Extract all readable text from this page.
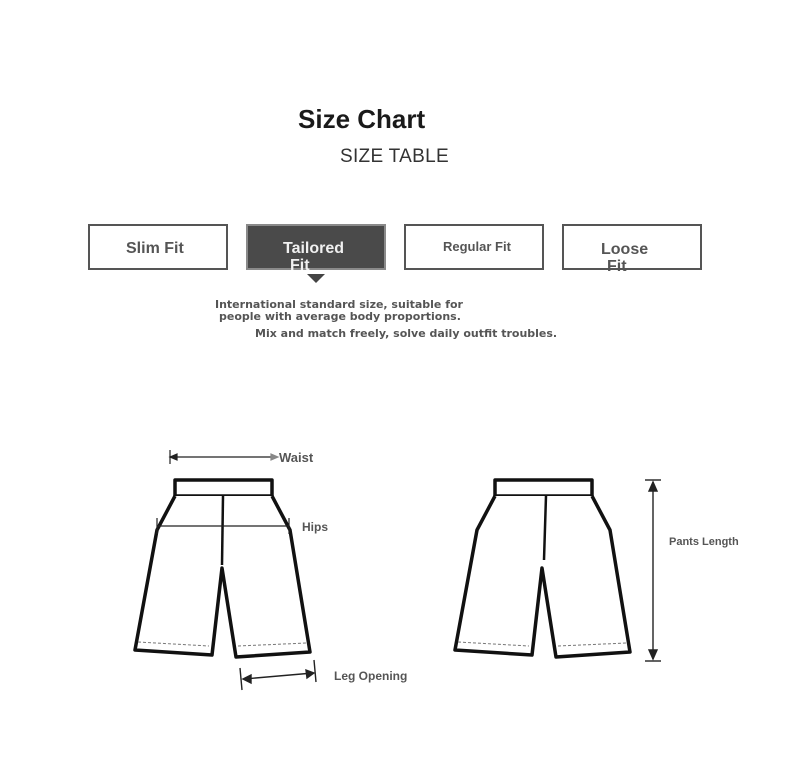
Size Chart
SIZE TABLE
Slim Fit	Tailored
Fit
Regular Fit	Loose
Fit
International standard size, suitable for
people with average body proportions.
Mix and match freely, solve daily outfit troubles.
Waist
Hips
Leg Opening
Pants Length
